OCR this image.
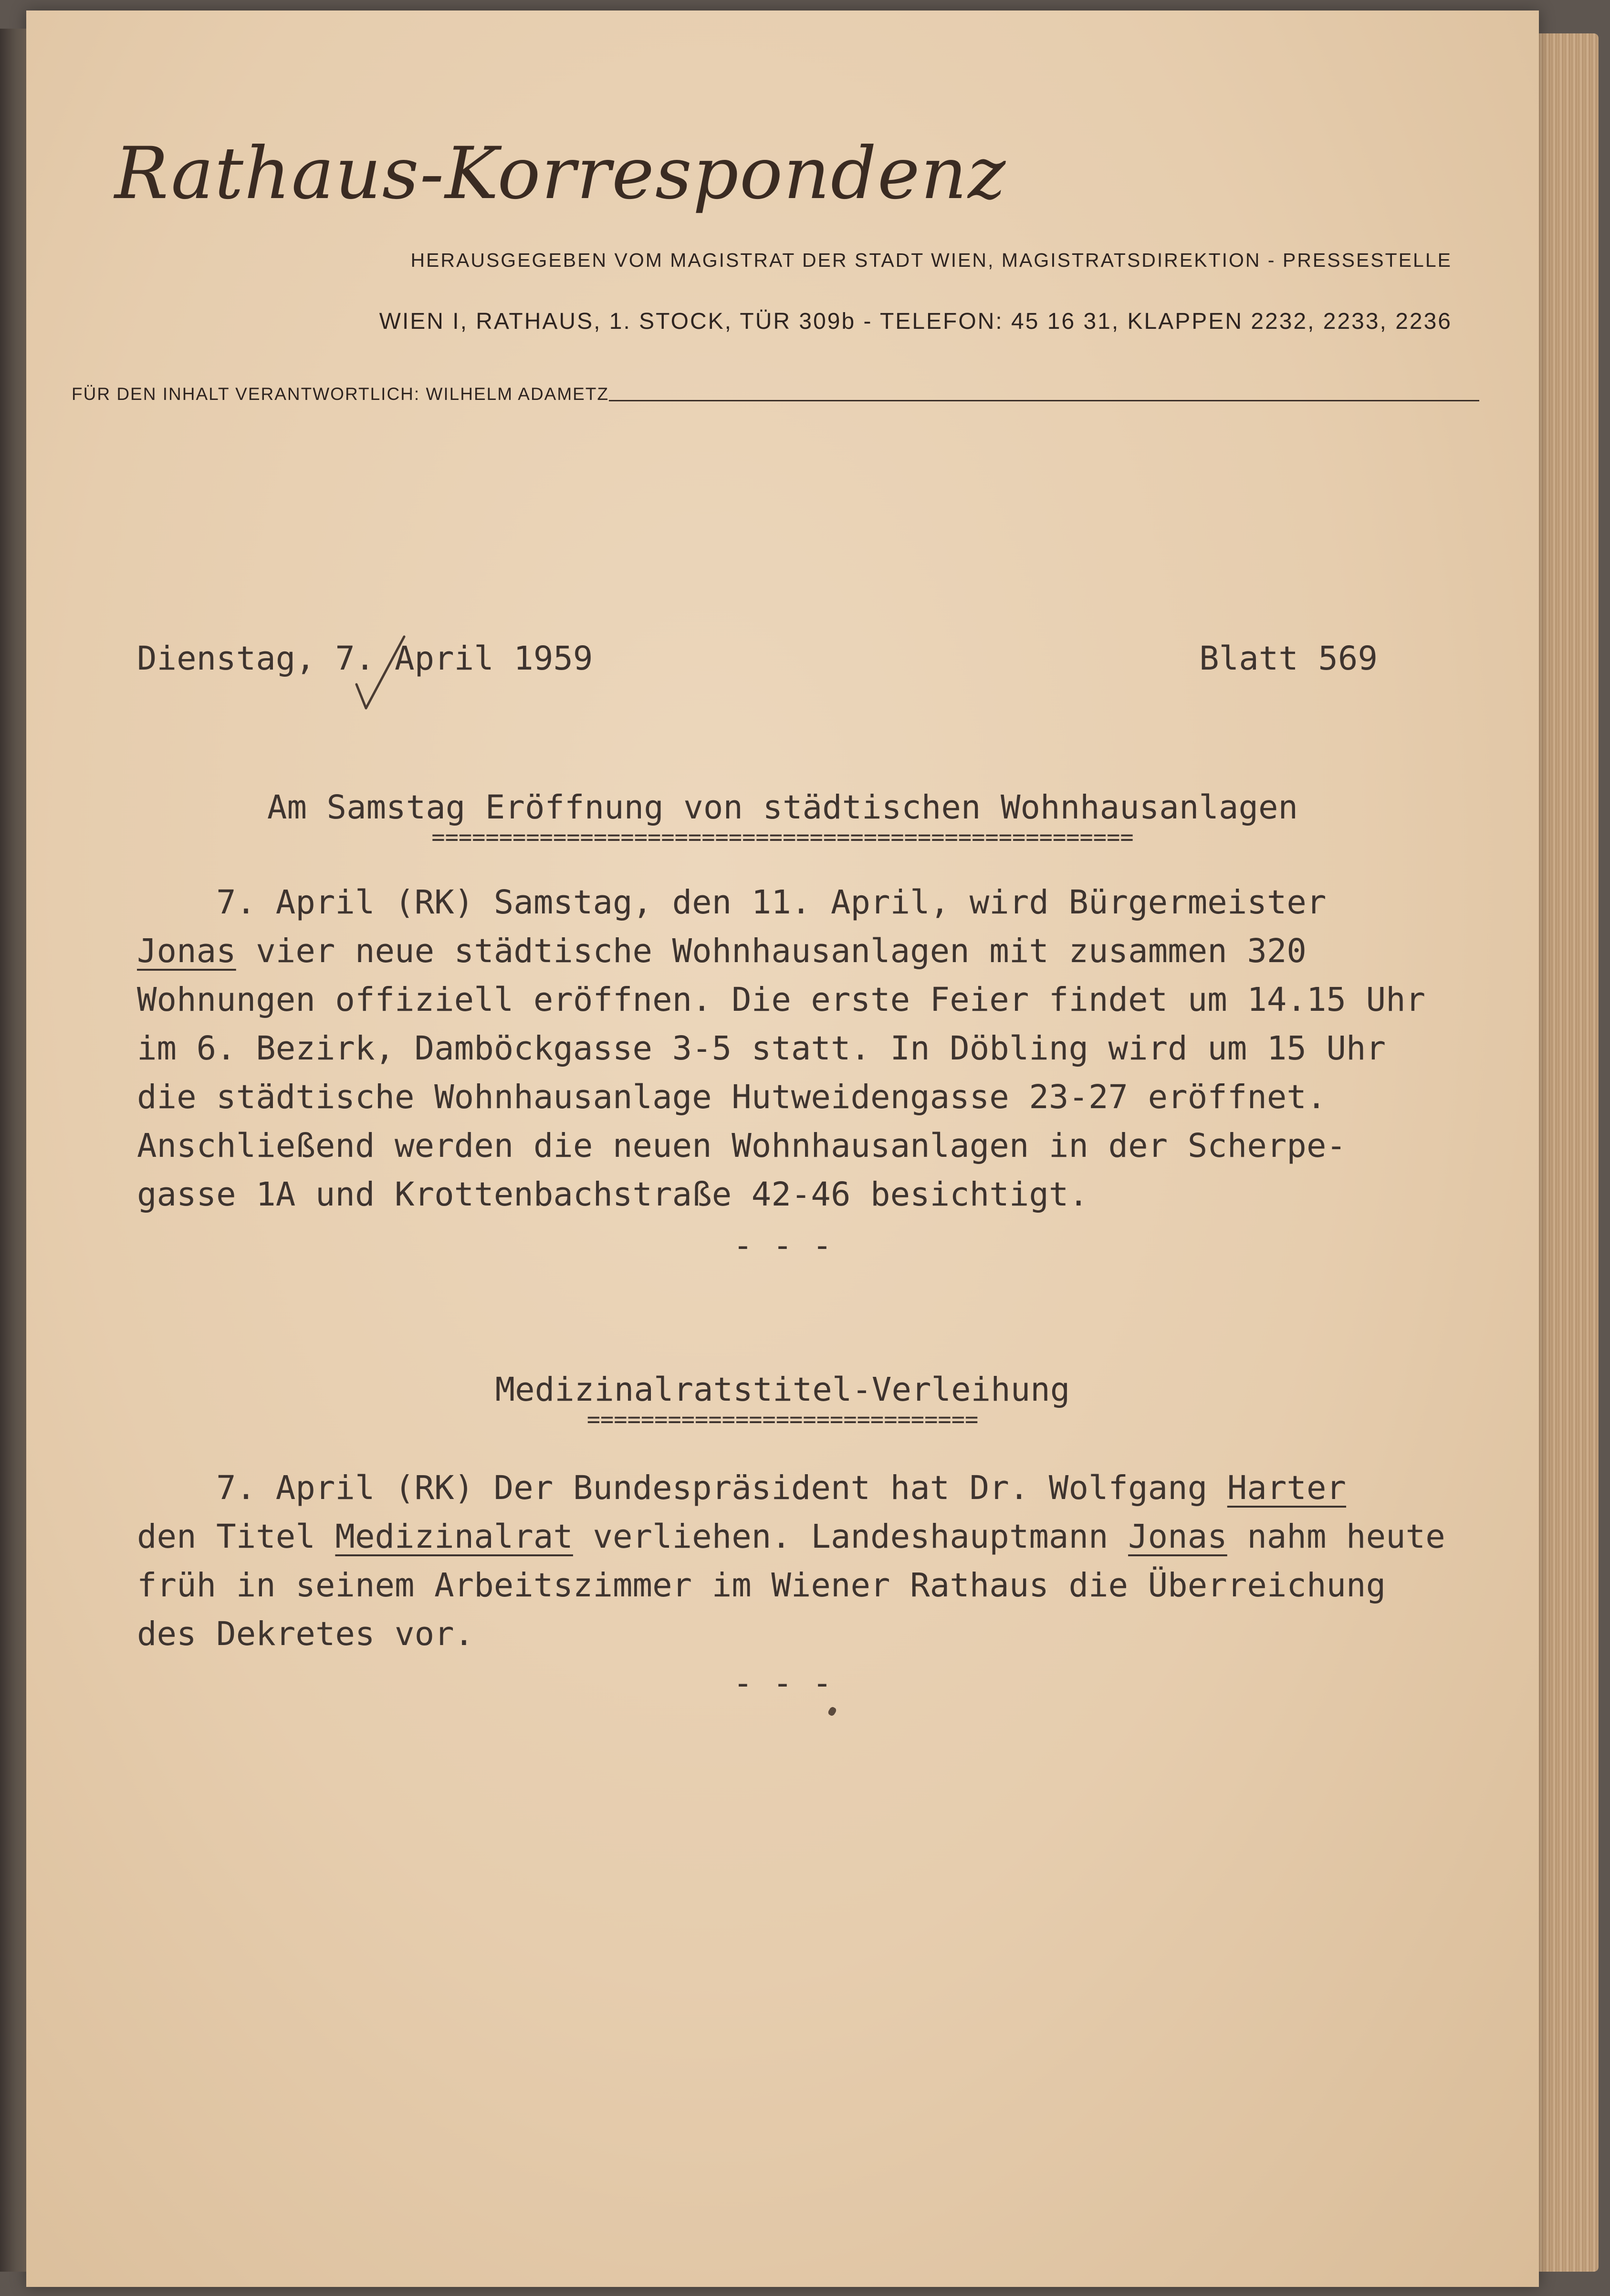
Rathaus-Korrespondenz
HERAUSGEGEBEN VOM MAGISTRAT DER STADT WIEN, MAGISTRATSDIREKTION - PRESSESTELLE
WIEN I, RATHAUS, 1. STOCK, TÜR 309b - TELEFON: 45 16 31, KLAPPEN 2232, 2233, 2236
FÜR DEN INHALT VERANTWORTLICH: WILHELM ADAMETZ
Dienstag, 7. April 1959	Blatt 569
Am Samstag Eröffnung von städtischen Wohnhausanlagen
====================================================
7. April (RK) Samstag, den 11. April, wird Bürgermeister
Jonas vier neue städtische Wohnhausanlagen mit zusammen 320
Wohnungen offiziell eröffnen. Die erste Feier findet um 14.15 Uhr
im 6. Bezirk, Damböckgasse 3-5 statt. In Döbling wird um 15 Uhr
die städtische Wohnhausanlage Hutweidengasse 23-27 eröffnet.
Anschließend werden die neuen Wohnhausanlagen in der Scherpe-
gasse 1A und Krottenbachstraße 42-46 besichtigt.
- - -
Medizinalratstitel-Verleihung
=============================
7. April (RK) Der Bundespräsident hat Dr. Wolfgang Harter
den Titel Medizinalrat verliehen. Landeshauptmann Jonas nahm heute
früh in seinem Arbeitszimmer im Wiener Rathaus die Überreichung
des Dekretes vor.
- - -
